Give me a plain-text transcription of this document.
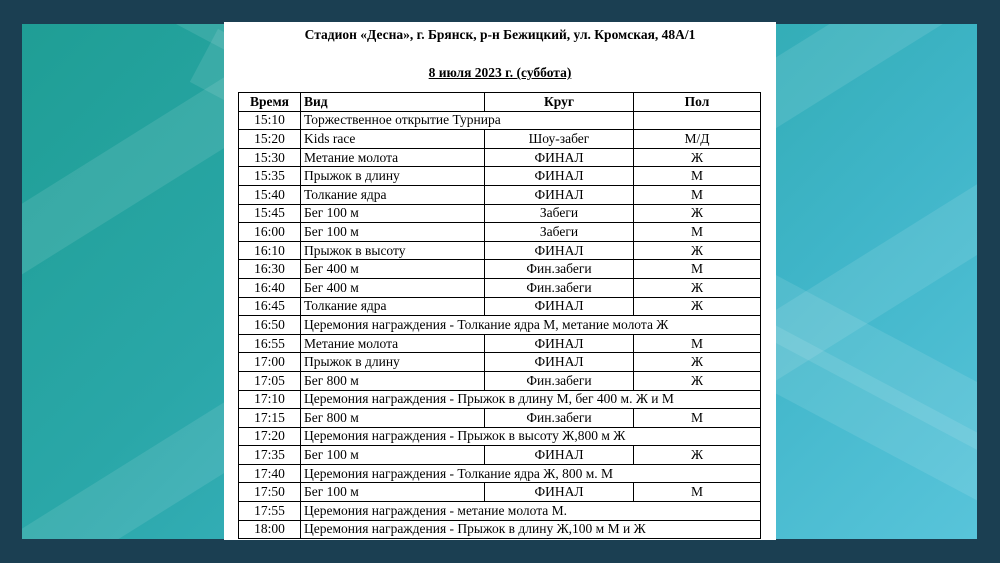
Стадион «Десна», г. Брянск, р-н Бежицкий, ул. Кромская, 48А/1
8 июля 2023 г. (суббота)
Время	Вид	Круг	Пол
15:10	Торжественное открытие Турнира		
15:20	Kids race	Шоу-забег	М/Д
15:30	Метание молота	ФИНАЛ	Ж
15:35	Прыжок в длину	ФИНАЛ	М
15:40	Толкание ядра	ФИНАЛ	М
15:45	Бег 100 м	Забеги	Ж
16:00	Бег 100 м	Забеги	М
16:10	Прыжок в высоту	ФИНАЛ	Ж
16:30	Бег 400 м	Фин.забеги	М
16:40	Бег 400 м	Фин.забеги	Ж
16:45	Толкание ядра	ФИНАЛ	Ж
16:50	Церемония награждения - Толкание ядра М, метание молота Ж		
16:55	Метание молота	ФИНАЛ	М
17:00	Прыжок в длину	ФИНАЛ	Ж
17:05	Бег 800 м	Фин.забеги	Ж
17:10	Церемония награждения - Прыжок в длину М, бег 400 м. Ж и М		
17:15	Бег 800 м	Фин.забеги	М
17:20	Церемония награждения - Прыжок в высоту Ж,800 м Ж		
17:35	Бег 100 м	ФИНАЛ	Ж
17:40	Церемония награждения - Толкание ядра Ж, 800 м. М		
17:50	Бег 100 м	ФИНАЛ	М
17:55	Церемония награждения - метание молота М.		
18:00	Церемония награждения - Прыжок в длину Ж,100 м М и Ж		
